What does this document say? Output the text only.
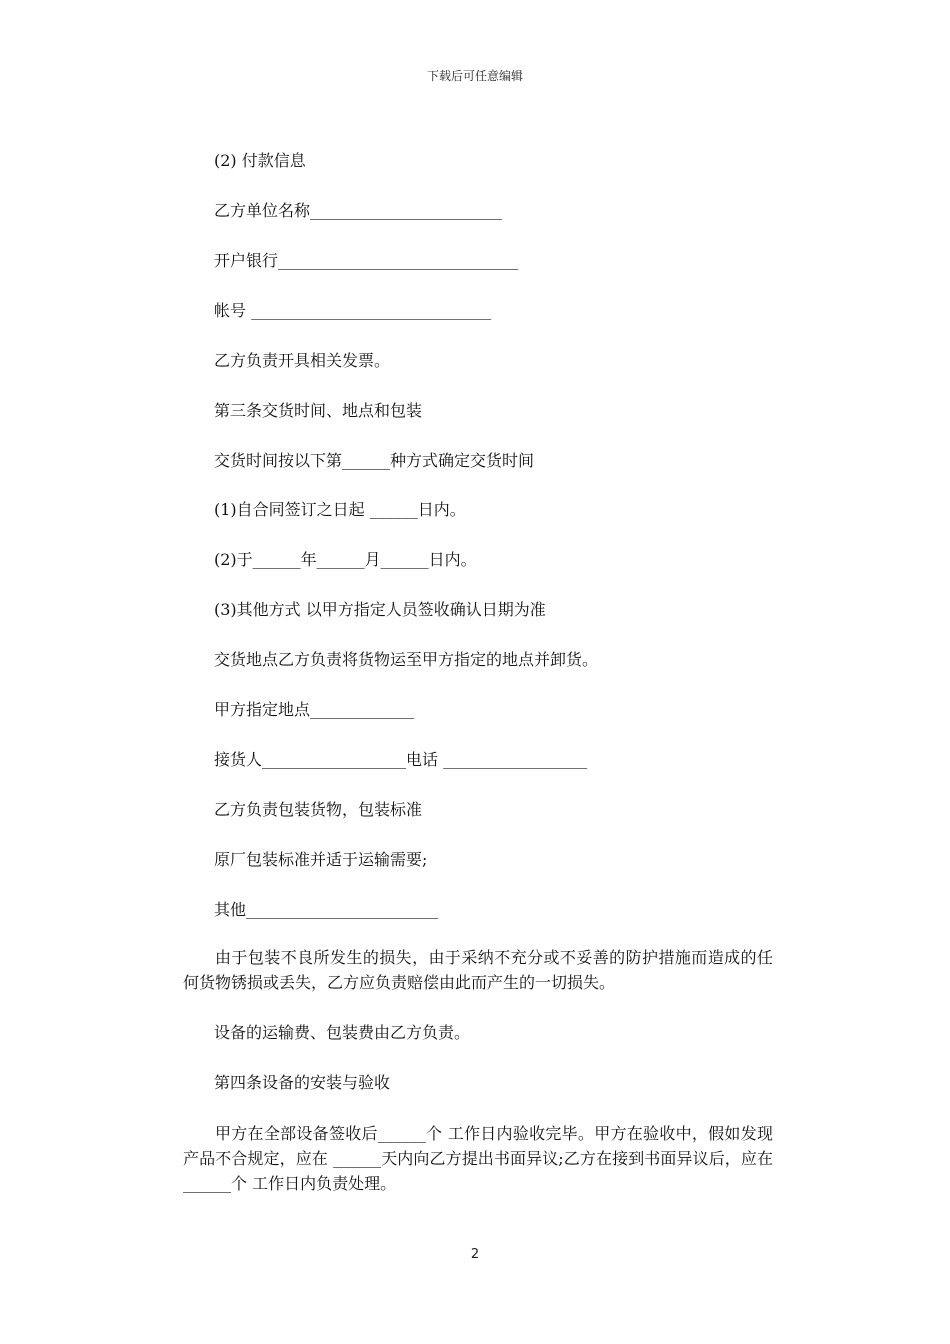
下载后可任意编辑
(2) 付款信息
乙方单位名称________________________
开户银行______________________________
帐号 ______________________________
乙方负责开具相关发票。
第三条交货时间、地点和包装
交货时间按以下第______种方式确定交货时间
(1)自合同签订之日起 ______日内。
(2)于______年______月______日内。
(3)其他方式 以甲方指定人员签收确认日期为准
交货地点乙方负责将货物运至甲方指定的地点并卸货。
甲方指定地点_____________
接货人__________________电话 __________________
乙方负责包装货物，包装标准
原厂包装标准并适于运输需要;
其他________________________
由于包装不良所发生的损失，由于采纳不充分或不妥善的防护措施而造成的任何货物锈损或丢失，乙方应负责赔偿由此而产生的一切损失。
设备的运输费、包装费由乙方负责。
第四条设备的安装与验收
甲方在全部设备签收后______个 工作日内验收完毕。甲方在验收中，假如发现产品不合规定，应在 ______天内向乙方提出书面异议;乙方在接到书面异议后，应在______个 工作日内负责处理。
2
